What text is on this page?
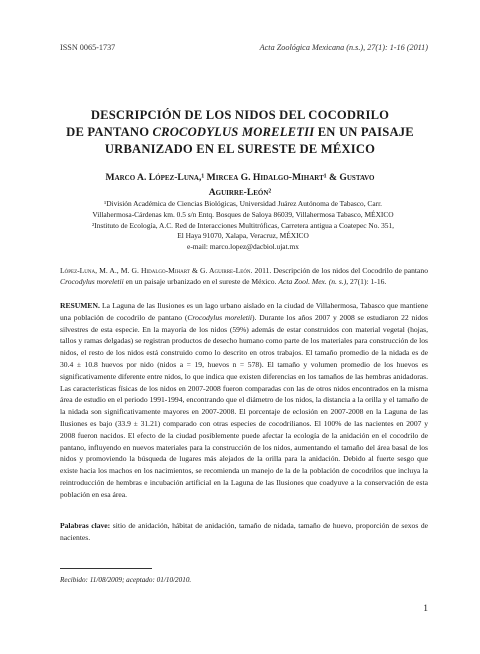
ISSN 0065-1737	Acta Zoológica Mexicana (n.s.), 27(1): 1-16 (2011)
DESCRIPCIÓN DE LOS NIDOS DEL COCODRILO
DE PANTANO CROCODYLUS MORELETII EN UN PAISAJE
URBANIZADO EN EL SURESTE DE MÉXICO
Marco A. López-Luna,¹ Mircea G. Hidalgo-Mihart¹ & Gustavo
Aguirre-León²

¹División Académica de Ciencias Biológicas, Universidad Juárez Autónoma de Tabasco, Carr.

Villahermosa-Cárdenas km. 0.5 s/n Entq. Bosques de Saloya 86039, Villahermosa Tabasco, MÉXICO

²Instituto de Ecología, A.C. Red de Interacciones Multitróficas, Carretera antigua a Coatepec No. 351,

El Haya 91070, Xalapa, Veracruz, MÉXICO

e-mail: marco.lopez@dacbiol.ujat.mx

López-Luna, M. A., M. G. Hidalgo-Mihart & G. Aguirre-León. 2011. Descripción de los nidos del Cocodrilo de pantano Crocodylus moreletii en un paisaje urbanizado en el sureste de México. Acta Zool. Mex. (n. s.), 27(1): 1-16.
RESUMEN. La Laguna de las Ilusiones es un lago urbano aislado en la ciudad de Villahermosa, Tabasco que mantiene una población de cocodrilo de pantano (Crocodylus moreletii). Durante los años 2007 y 2008 se estudiaron 22 nidos silvestres de esta especie. En la mayoría de los nidos (59%) además de estar construidos con material vegetal (hojas, tallos y ramas delgadas) se registran productos de desecho humano como parte de los materiales para construcción de los nidos, el resto de los nidos está construido como lo descrito en otros trabajos. El tamaño promedio de la nidada es de 30.4 ± 10.8 huevos por nido (nidos a = 19, huevos n = 578). El tamaño y volumen promedio de los huevos es significativamente diferente entre nidos, lo que indica que existen diferencias en los tamaños de las hembras anidadoras. Las características físicas de los nidos en 2007-2008 fueron comparadas con las de otros nidos encontrados en la misma área de estudio en el periodo 1991-1994, encontrando que el diámetro de los nidos, la distancia a la orilla y el tamaño de la nidada son significativamente mayores en 2007-2008. El porcentaje de eclosión en 2007-2008 en la Laguna de las Ilusiones es bajo (33.9 ± 31.21) comparado con otras especies de cocodrilianos. El 100% de las nacientes en 2007 y 2008 fueron nacidos. El efecto de la ciudad posiblemente puede afectar la ecología de la anidación en el cocodrilo de pantano, influyendo en nuevos materiales para la construcción de los nidos, aumentando el tamaño del área basal de los nidos y promoviendo la búsqueda de lugares más alejados de la orilla para la anidación. Debido al fuerte sesgo que existe hacia los machos en los nacimientos, se recomienda un manejo de la de la población de cocodrilos que incluya la reintroducción de hembras e incubación artificial en la Laguna de las Ilusiones que coadyuve a la conservación de esta población en esa área.
Palabras clave: sitio de anidación, hábitat de anidación, tamaño de nidada, tamaño de huevo, proporción de sexos de nacientes.
Recibido: 11/08/2009; aceptado: 01/10/2010.
1
